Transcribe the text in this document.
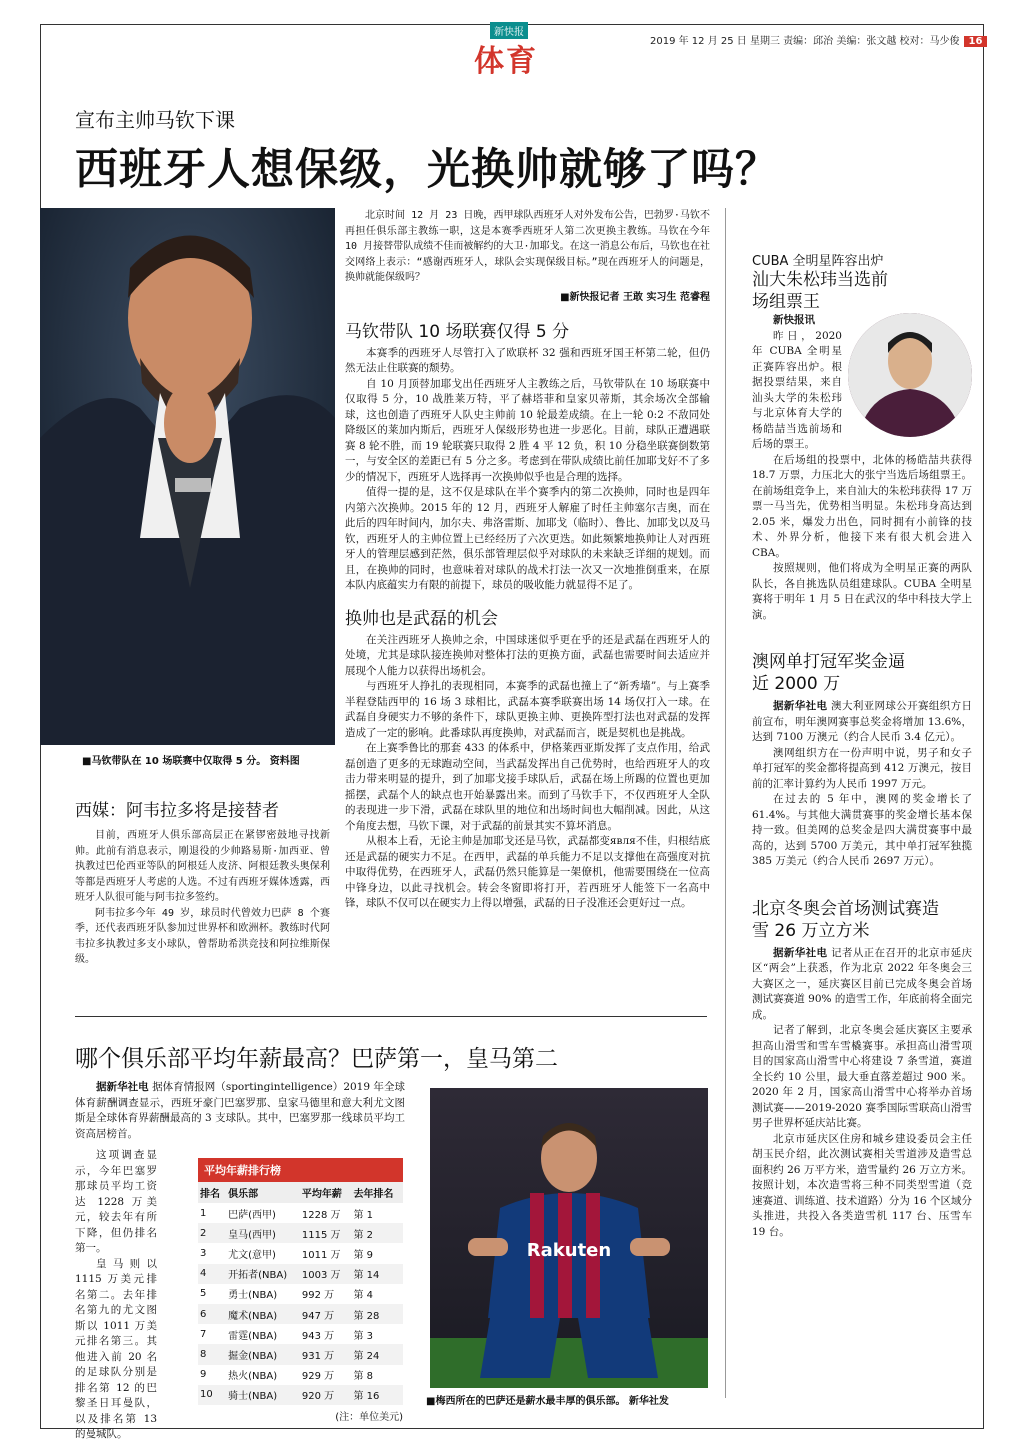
新快报
体育
2019 年 12 月 25 日 星期三 责编：邱治 美编：张文越 校对：马少俊 16
宣布主帅马钦下课
西班牙人想保级，光换帅就够了吗？
■马钦带队在 10 场联赛中仅取得 5 分。 资料图

北京时间 12 月 23 日晚，西甲球队西班牙人对外发布公告，巴勃罗·马钦不再担任俱乐部主教练一职，这是本赛季西班牙人第二次更换主教练。马钦在今年 10 月接替带队成绩不佳而被解约的大卫·加耶戈。在这一消息公布后，马钦也在社交网络上表示：“感谢西班牙人，球队会实现保级目标。”现在西班牙人的问题是，换帅就能保级吗？

■新快报记者 王敢 实习生 范睿程
马钦带队 10 场联赛仅得 5 分

本赛季的西班牙人尽管打入了欧联杯 32 强和西班牙国王杯第二轮，但仍然无法止住联赛的颓势。

自 10 月顶替加耶戈出任西班牙人主教练之后，马钦带队在 10 场联赛中仅取得 5 分，10 战胜莱万特，平了赫塔菲和皇家贝蒂斯，其余场次全部输球，这也创造了西班牙人队史主帅前 10 轮最差成绩。在上一轮 0:2 不敌同处降级区的莱加内斯后，西班牙人保级形势也进一步恶化。目前，球队正遭遇联赛 8 轮不胜，而 19 轮联赛只取得 2 胜 4 平 12 负，积 10 分稳坐联赛倒数第一，与安全区的差距已有 5 分之多。考虑到在带队成绩比前任加耶戈好不了多少的情况下，西班牙人选择再一次换帅似乎也是合理的选择。

值得一提的是，这不仅是球队在半个赛季内的第二次换帅，同时也是四年内第六次换帅。2015 年的 12 月，西班牙人解雇了时任主帅塞尔吉奥，而在此后的四年时间内，加尔夫、弗洛雷斯、加耶戈（临时）、鲁比、加耶戈以及马钦，西班牙人的主帅位置上已经经历了六次更迭。如此频繁地换帅让人对西班牙人的管理层感到茫然，俱乐部管理层似乎对球队的未来缺乏详细的规划。而且，在换帅的同时，也意味着对球队的战术打法一次又一次地推倒重来，在原本队内底蕴实力有限的前提下，球员的吸收能力就显得不足了。

换帅也是武磊的机会

在关注西班牙人换帅之余，中国球迷似乎更在乎的还是武磊在西班牙人的处境，尤其是球队接连换帅对整体打法的更换方面，武磊也需要时间去适应并展现个人能力以获得出场机会。

与西班牙人挣扎的表现相同，本赛季的武磊也撞上了“新秀墙”。与上赛季半程登陆西甲的 16 场 3 球相比，武磊本赛季联赛出场 14 场仅打入一球。在武磊自身硬实力不够的条件下，球队更换主帅、更换阵型打法也对武磊的发挥造成了一定的影响。此番球队再度换帅，对武磊而言，既是契机也是挑战。

在上赛季鲁比的那套 433 的体系中，伊格莱西亚斯发挥了支点作用，给武磊创造了更多的无球跑动空间，当武磊发挥出自己优势时，也给西班牙人的攻击力带来明显的提升，到了加耶戈接手球队后，武磊在场上所踢的位置也更加摇摆，武磊个人的缺点也开始暴露出来。而到了马钦手下，不仅西班牙人全队的表现进一步下滑，武磊在球队里的地位和出场时间也大幅削减。因此，从这个角度去想，马钦下课，对于武磊的前景其实不算坏消息。

从根本上看，无论主帅是加耶戈还是马钦，武磊都变явля不佳，归根结底还是武磊的硬实力不足。在西甲，武磊的单兵能力不足以支撑他在高强度对抗中取得优势，在西班牙人，武磊仍然只能算是一架僚机，他需要围绕在一位高中锋身边，以此寻找机会。转会冬窗即将打开，若西班牙人能签下一名高中锋，球队不仅可以在硬实力上得以增强，武磊的日子没准还会更好过一点。

西媒：阿韦拉多将是接替者

目前，西班牙人俱乐部高层正在紧锣密鼓地寻找新帅。此前有消息表示，刚退役的少帅路易斯·加西亚、曾执教过巴伦西亚等队的阿根廷人皮济、阿根廷教头奥保利等都是西班牙人考虑的人选。不过有西班牙媒体透露，西班牙人队很可能与阿韦拉多签约。

阿韦拉多今年 49 岁，球员时代曾效力巴萨 8 个赛季，还代表西班牙队参加过世界杯和欧洲杯。教练时代阿韦拉多执教过多支小球队，曾帮助希洪竞技和阿拉维斯保级。

CUBA 全明星阵容出炉
汕大朱松玮当选前场组票王

新快报讯

昨日，2020 年 CUBA 全明星正赛阵容出炉。根据投票结果，来自汕头大学的朱松玮与北京体育大学的杨皓喆当选前场和后场的票王。

在后场组的投票中，北体的杨皓喆共获得 18.7 万票，力压北大的张宁当选后场组票王。在前场组竞争上，来自汕大的朱松玮获得 17 万票一马当先，优势相当明显。朱松玮身高达到 2.05 米，爆发力出色，同时拥有小前锋的技术、外界分析，他接下来有很大机会进入 CBA。

按照规则，他们将成为全明星正赛的两队队长，各自挑选队员组建球队。CUBA 全明星赛将于明年 1 月 5 日在武汉的华中科技大学上演。

澳网单打冠军奖金逼近 2000 万

据新华社电 澳大利亚网球公开赛组织方日前宣布，明年澳网赛事总奖金将增加 13.6%，达到 7100 万澳元（约合人民币 3.4 亿元）。

澳网组织方在一份声明中说，男子和女子单打冠军的奖金都将提高到 412 万澳元，按目前的汇率计算约为人民币 1997 万元。

在过去的 5 年中，澳网的奖金增长了 61.4%。与其他大满贯赛事的奖金增长基本保持一致。但美网的总奖金是四大满贯赛事中最高的，达到 5700 万美元，其中单打冠军独揽 385 万美元（约合人民币 2697 万元）。

北京冬奥会首场测试赛造雪 26 万立方米

据新华社电 记者从正在召开的北京市延庆区“两会”上获悉，作为北京 2022 年冬奥会三大赛区之一，延庆赛区目前已完成冬奥会首场测试赛赛道 90% 的造雪工作，年底前将全面完成。

记者了解到，北京冬奥会延庆赛区主要承担高山滑雪和雪车雪橇赛事。承担高山滑雪项目的国家高山滑雪中心将建设 7 条雪道，赛道全长约 10 公里，最大垂直落差超过 900 米。2020 年 2 月，国家高山滑雪中心将举办首场测试赛——2019-2020 赛季国际雪联高山滑雪男子世界杯延庆站比赛。

北京市延庆区住房和城乡建设委员会主任胡玉民介绍，此次测试赛相关雪道涉及造雪总面积约 26 万平方米，造雪量约 26 万立方米。按照计划，本次造雪将三种不同类型雪道（竞速赛道、训练道、技术道路）分为 16 个区域分头推进，共投入各类造雪机 117 台、压雪车 19 台。

哪个俱乐部平均年薪最高？巴萨第一，皇马第二

据新华社电 据体育情报网（sportingintelligence）2019 年全球体育薪酬调查显示，西班牙豪门巴塞罗那、皇家马德里和意大利尤文图斯是全球体育界薪酬最高的 3 支球队。其中，巴塞罗那一线球员平均工资高居榜首。

这项调查显示，今年巴塞罗那球员平均工资达 1228 万美元，较去年有所下降，但仍排名第一。

皇马则以 1115 万美元排名第二。去年排名第九的尤文图斯以 1011 万美元排名第三。其他进入前 20 名的足球队分别是排名第 12 的巴黎圣日耳曼队，以及排名第 13 的曼城队。

平均年薪排行榜
排名	俱乐部	平均年薪	去年排名
1	巴萨(西甲)	1228 万	第 1
2	皇马(西甲)	1115 万	第 2
3	尤文(意甲)	1011 万	第 9
4	开拓者(NBA)	1003 万	第 14
5	勇士(NBA)	992 万	第 4
6	魔术(NBA)	947 万	第 28
7	雷霆(NBA)	943 万	第 3
8	掘金(NBA)	931 万	第 24
9	热火(NBA)	929 万	第 8
10	骑士(NBA)	920 万	第 16
(注：单位美元)
Rakuten
■梅西所在的巴萨还是薪水最丰厚的俱乐部。 新华社发
